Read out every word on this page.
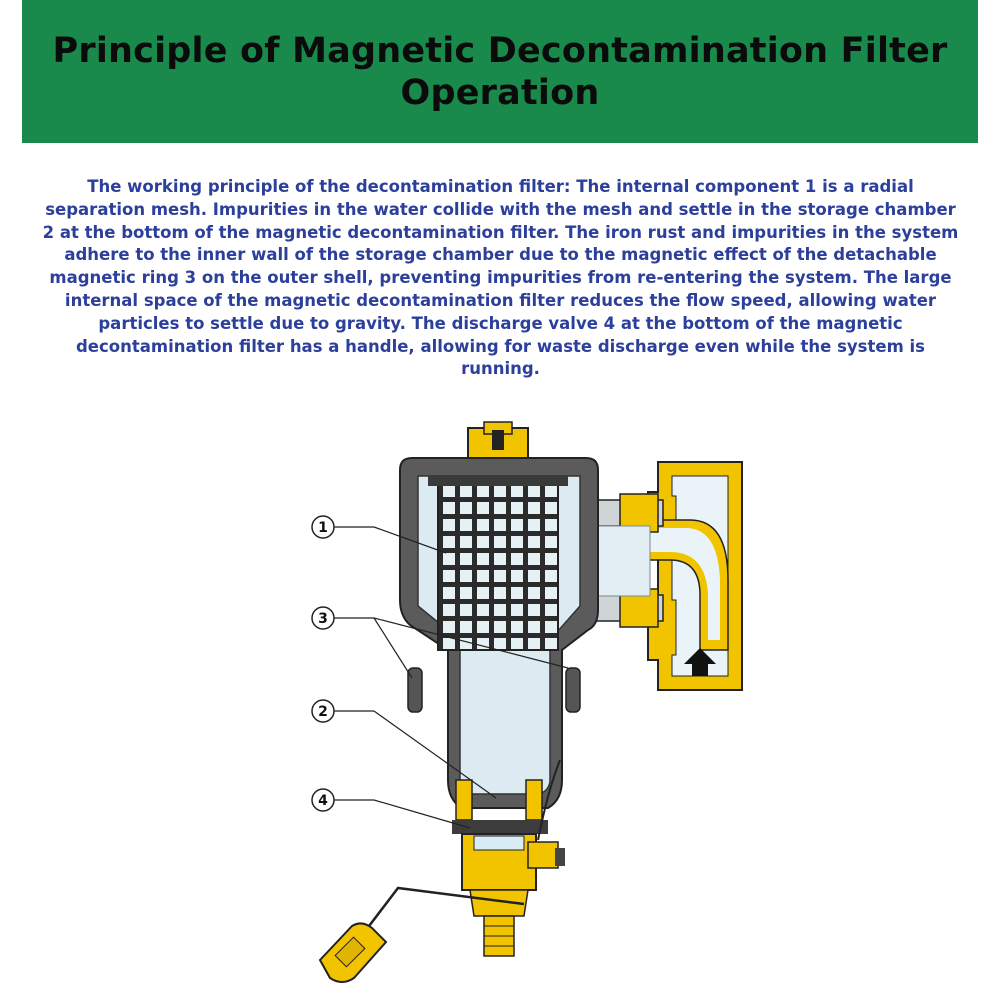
Principle of Magnetic Decontamination Filter Operation

The working principle of the decontamination filter: The internal component 1 is a radial separation mesh. Impurities in the water collide with the mesh and settle in the storage chamber 2 at the bottom of the magnetic decontamination filter. The iron rust and impurities in the system adhere to the inner wall of the storage chamber due to the magnetic effect of the detachable magnetic ring 3 on the outer shell, preventing impurities from re-entering the system. The large internal space of the magnetic decontamination filter reduces the flow speed, allowing water particles to settle due to gravity. The discharge valve 4 at the bottom of the magnetic decontamination filter has a handle, allowing for waste discharge even while the system is running.

1
3
2
4
